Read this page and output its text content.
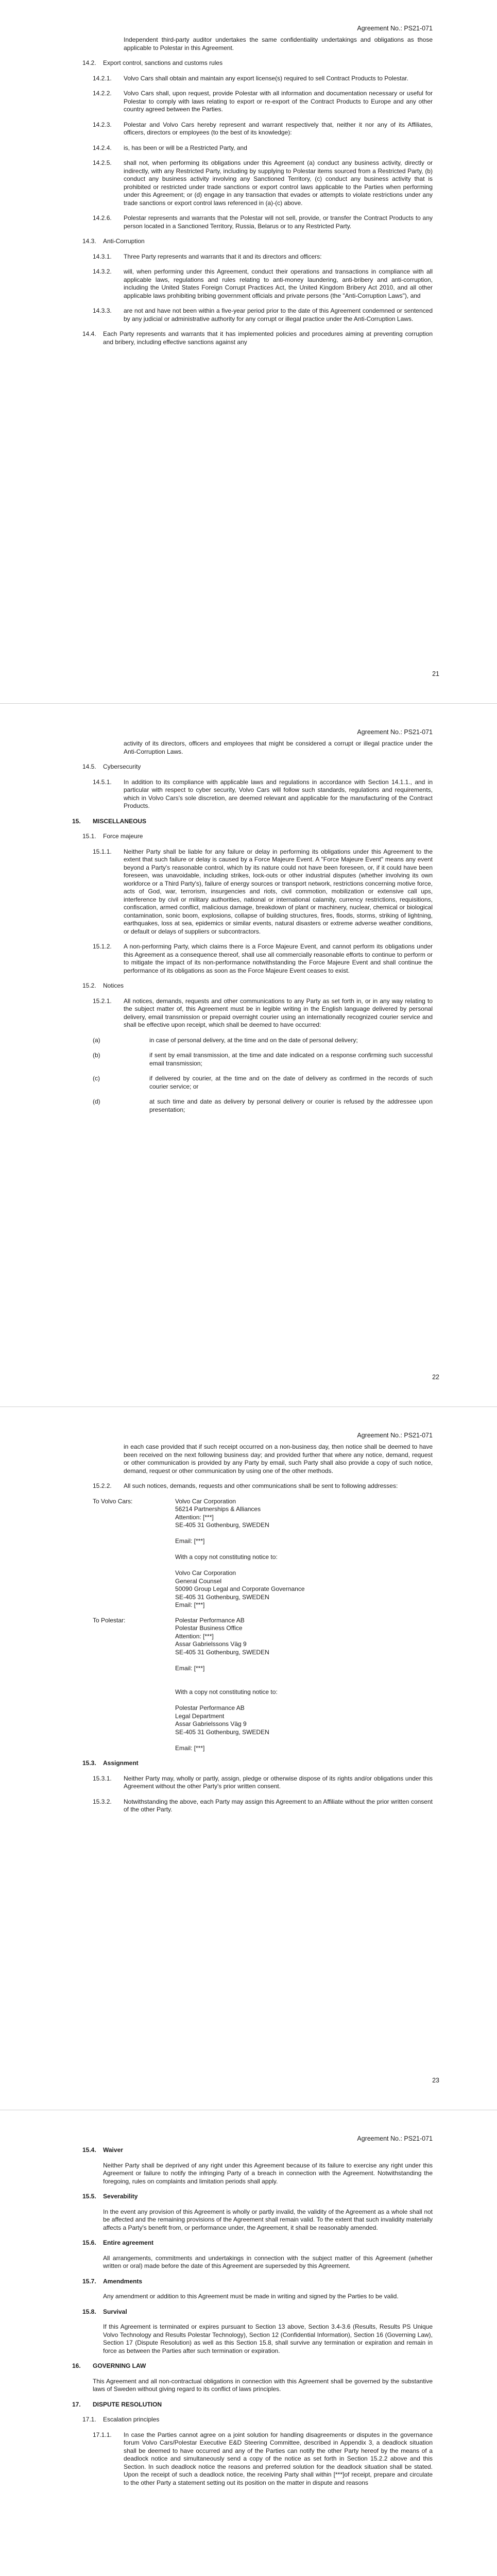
Agreement No.: PS21-071
Independent third-party auditor undertakes the same confidentiality undertakings and obligations as those applicable to Polestar in this Agreement.
14.2. Export control, sanctions and customs rules
14.2.1. Volvo Cars shall obtain and maintain any export license(s) required to sell Contract Products to Polestar.
14.2.2. Volvo Cars shall, upon request, provide Polestar with all information and documentation necessary or useful for Polestar to comply with laws relating to export or re-export of the Contract Products to Europe and any other country agreed between the Parties.
14.2.3. Polestar and Volvo Cars hereby represent and warrant respectively that, neither it nor any of its Affiliates, officers, directors or employees (to the best of its knowledge):
14.2.4. is, has been or will be a Restricted Party, and
14.2.5. shall not, when performing its obligations under this Agreement (a) conduct any business activity, directly or indirectly, with any Restricted Party, including by supplying to Polestar items sourced from a Restricted Party, (b) conduct any business activity involving any Sanctioned Territory, (c) conduct any business activity that is prohibited or restricted under trade sanctions or export control laws applicable to the Parties when performing under this Agreement; or (d) engage in any transaction that evades or attempts to violate restrictions under any trade sanctions or export control laws referenced in (a)-(c) above.
14.2.6. Polestar represents and warrants that the Polestar will not sell, provide, or transfer the Contract Products to any person located in a Sanctioned Territory, Russia, Belarus or to any Restricted Party.
14.3. Anti-Corruption
14.3.1. Three Party represents and warrants that it and its directors and officers:
14.3.2. will, when performing under this Agreement, conduct their operations and transactions in compliance with all applicable laws, regulations and rules relating to anti-money laundering, anti-bribery and anti-corruption, including the United States Foreign Corrupt Practices Act, the United Kingdom Bribery Act 2010, and all other applicable laws prohibiting bribing government officials and private persons (the "Anti-Corruption Laws"), and
14.3.3. are not and have not been within a five-year period prior to the date of this Agreement condemned or sentenced by any judicial or administrative authority for any corrupt or illegal practice under the Anti-Corruption Laws.
14.4. Each Party represents and warrants that it has implemented policies and procedures aiming at preventing corruption and bribery, including effective sanctions against any
21
Agreement No.: PS21-071
activity of its directors, officers and employees that might be considered a corrupt or illegal practice under the Anti-Corruption Laws.
14.5. Cybersecurity
14.5.1. In addition to its compliance with applicable laws and regulations in accordance with Section 14.1.1., and in particular with respect to cyber security, Volvo Cars will follow such standards, regulations and requirements, which in Volvo Cars's sole discretion, are deemed relevant and applicable for the manufacturing of the Contract Products.
15. MISCELLANEOUS
15.1. Force majeure
15.1.1. Neither Party shall be liable for any failure or delay in performing its obligations under this Agreement to the extent that such failure or delay is caused by a Force Majeure Event. A "Force Majeure Event" means any event beyond a Party's reasonable control, which by its nature could not have been foreseen, or, if it could have been foreseen, was unavoidable, including strikes, lock-outs or other industrial disputes (whether involving its own workforce or a Third Party's), failure of energy sources or transport network, restrictions concerning motive force, acts of God, war, terrorism, insurgencies and riots, civil commotion, mobilization or extensive call ups, interference by civil or military authorities, national or international calamity, currency restrictions, requisitions, confiscation, armed conflict, malicious damage, breakdown of plant or machinery, nuclear, chemical or biological contamination, sonic boom, explosions, collapse of building structures, fires, floods, storms, striking of lightning, earthquakes, loss at sea, epidemics or similar events, natural disasters or extreme adverse weather conditions, or default or delays of suppliers or subcontractors.
15.1.2. A non-performing Party, which claims there is a Force Majeure Event, and cannot perform its obligations under this Agreement as a consequence thereof, shall use all commercially reasonable efforts to continue to perform or to mitigate the impact of its non-performance notwithstanding the Force Majeure Event and shall continue the performance of its obligations as soon as the Force Majeure Event ceases to exist.
15.2. Notices
15.2.1. All notices, demands, requests and other communications to any Party as set forth in, or in any way relating to the subject matter of, this Agreement must be in legible writing in the English language delivered by personal delivery, email transmission or prepaid overnight courier using an internationally recognized courier service and shall be effective upon receipt, which shall be deemed to have occurred:
(a)	in case of personal delivery, at the time and on the date of personal delivery;
(b)	if sent by email transmission, at the time and date indicated on a response confirming such successful email transmission;
(c)	if delivered by courier, at the time and on the date of delivery as confirmed in the records of such courier service; or
(d)	at such time and date as delivery by personal delivery or courier is refused by the addressee upon presentation;
22
Agreement No.: PS21-071
in each case provided that if such receipt occurred on a non-business day, then notice shall be deemed to have been received on the next following business day; and provided further that where any notice, demand, request or other communication is provided by any Party by email, such Party shall also provide a copy of such notice, demand, request or other communication by using one of the other methods.
15.2.2. All such notices, demands, requests and other communications shall be sent to following addresses:
To Volvo Cars:	Volvo Car Corporation
56214 Partnerships & Alliances
Attention: [***]
SE-405 31 Gothenburg, SWEDEN

Email: [***]

With a copy not constituting notice to:

Volvo Car Corporation
General Counsel
50090 Group Legal and Corporate Governance
SE-405 31 Gothenburg, SWEDEN
Email: [***]
To Polestar:	Polestar Performance AB
Polestar Business Office
Attention: [***]
Assar Gabrielssons Väg 9
SE-405 31 Gothenburg, SWEDEN

Email: [***]

With a copy not constituting notice to:

Polestar Performance AB
Legal Department
Assar Gabrielssons Väg 9
SE-405 31 Gothenburg, SWEDEN

Email: [***]
15.3. Assignment
15.3.1. Neither Party may, wholly or partly, assign, pledge or otherwise dispose of its rights and/or obligations under this Agreement without the other Party's prior written consent.
15.3.2. Notwithstanding the above, each Party may assign this Agreement to an Affiliate without the prior written consent of the other Party.
23
Agreement No.: PS21-071
15.4. Waiver
Neither Party shall be deprived of any right under this Agreement because of its failure to exercise any right under this Agreement or failure to notify the infringing Party of a breach in connection with the Agreement. Notwithstanding the foregoing, rules on complaints and limitation periods shall apply.
15.5. Severability
In the event any provision of this Agreement is wholly or partly invalid, the validity of the Agreement as a whole shall not be affected and the remaining provisions of the Agreement shall remain valid. To the extent that such invalidity materially affects a Party's benefit from, or performance under, the Agreement, it shall be reasonably amended.
15.6. Entire agreement
All arrangements, commitments and undertakings in connection with the subject matter of this Agreement (whether written or oral) made before the date of this Agreement are superseded by this Agreement.
15.7. Amendments
Any amendment or addition to this Agreement must be made in writing and signed by the Parties to be valid.
15.8. Survival
If this Agreement is terminated or expires pursuant to Section 13 above, Section 3.4-3.6 (Results, Results PS Unique Volvo Technology and Results Polestar Technology), Section 12 (Confidential Information), Section 16 (Governing Law), Section 17 (Dispute Resolution) as well as this Section 15.8, shall survive any termination or expiration and remain in force as between the Parties after such termination or expiration.
16. GOVERNING LAW
This Agreement and all non-contractual obligations in connection with this Agreement shall be governed by the substantive laws of Sweden without giving regard to its conflict of laws principles.
17. DISPUTE RESOLUTION
17.1. Escalation principles
17.1.1. In case the Parties cannot agree on a joint solution for handling disagreements or disputes in the governance forum Volvo Cars/Polestar Executive E&D Steering Committee, described in Appendix 3, a deadlock situation shall be deemed to have occurred and any of the Parties can notify the other Party hereof by the means of a deadlock notice and simultaneously send a copy of the notice as set forth in Section 15.2.2 above and this Section. In such deadlock notice the reasons and preferred solution for the deadlock situation shall be stated. Upon the receipt of such a deadlock notice, the receiving Party shall within [***]of receipt, prepare and circulate to the other Party a statement setting out its position on the matter in dispute and reasons
